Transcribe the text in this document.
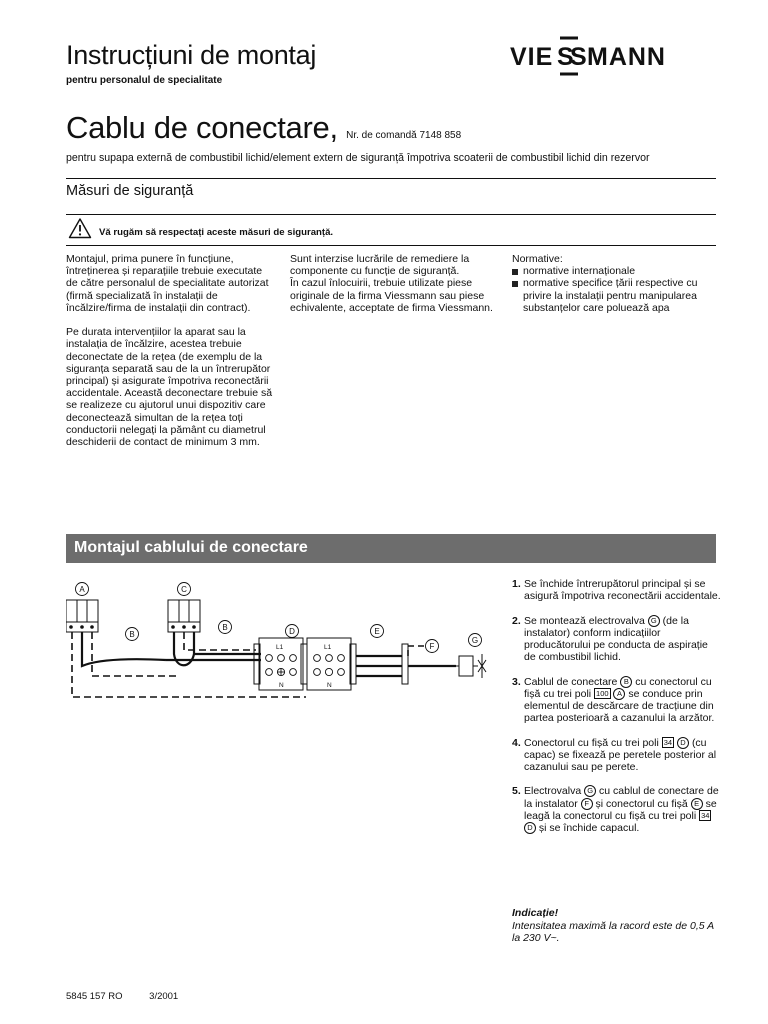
Instrucțiuni de montaj
pentru personalul de specialitate
VIE S
S MANN
Cablu de conectare, Nr. de comandă 7148 858
pentru supapa externă de combustibil lichid/element extern de siguranță împotriva scoaterii de combustibil lichid din rezervor
Măsuri de siguranță
Vă rugăm să respectați aceste măsuri de siguranță.

Montajul, prima punere în funcțiune, întreținerea și reparațiile trebuie executate de către personalul de specialitate autorizat (firmă specializată în instalații de încălzire/firma de instalații din contract).

Pe durata intervențiilor la aparat sau la instalația de încălzire, acestea trebuie deconectate de la rețea (de exemplu de la siguranța separată sau de la un întrerupător principal) și asigurate împotriva reconectării accidentale. Această deconectare trebuie să se realizeze cu ajutorul unui dispozitiv care deconectează simultan de la rețea toți conductorii nelegați la pământ cu diametrul deschiderii de contact de minimum 3 mm.

Sunt interzise lucrările de remediere la componente cu funcție de siguranță.
În cazul înlocuirii, trebuie utilizate piese originale de la firma Viessmann sau piese echivalente, acceptate de firma Viessmann.
Normative:
normative internaționale
normative specifice țării respective cu privire la instalații pentru manipularea substanțelor care poluează apa
Montajul cablului de conectare
L1
N
L1
N
A
B
B
C
D	E
F
G
1. Se închide întrerupătorul principal și se asigură împotriva reconectării accidentale.
2. Se montează electrovalva G (de la instalator) conform indicațiilor producătorului pe conducta de aspirație de combustibil lichid.
3. Cablul de conectare B cu conectorul cu fișă cu trei poli 100 A se conduce prin elementul de descărcare de tracțiune din partea posterioară a cazanului la arzător.
4. Conectorul cu fișă cu trei poli 34 D (cu capac) se fixează pe peretele posterior al cazanului sau pe perete.
5. Electrovalva G cu cablul de conectare de la instalator F și conectorul cu fișă E se leagă la conectorul cu fișă cu trei poli 34 D și se închide capacul.
Indicație!
Intensitatea maximă la racord este de 0,5 A la 230 V~.
5845 157 RO	3/2001
